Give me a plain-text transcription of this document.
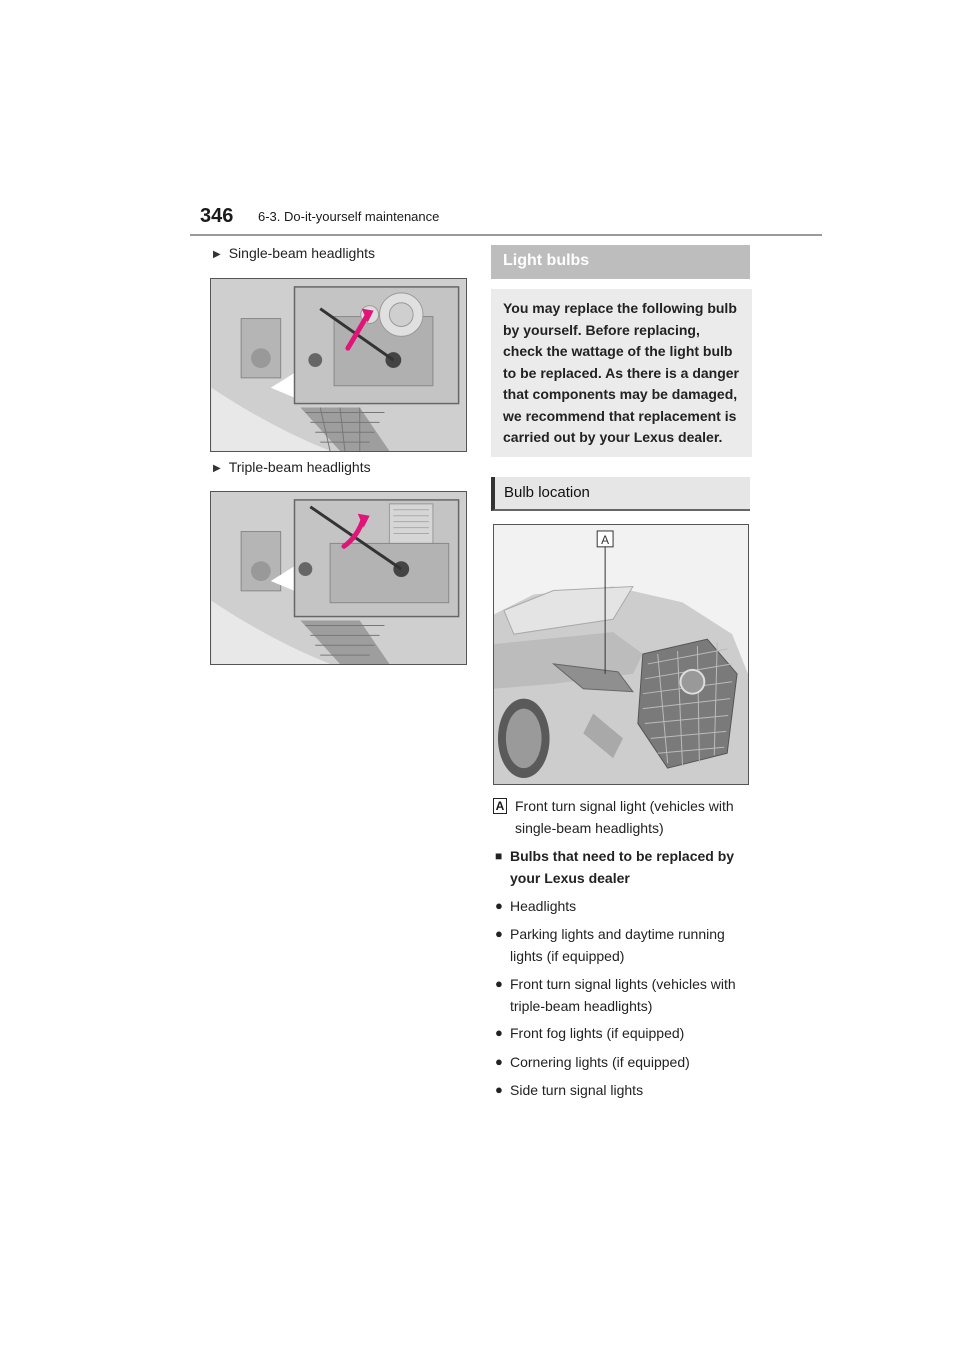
346 6-3. Do-it-yourself maintenance
▶ Single-beam headlights
▶ Triple-beam headlights
Light bulbs

You may replace the following bulb by yourself. Before replacing, check the wattage of the light bulb to be replaced. As there is a danger that components may be damaged, we recommend that replacement is carried out by your Lexus dealer.

Bulb location
A
A Front turn signal light (vehicles with single-beam headlights)
■ Bulbs that need to be replaced by your Lexus dealer
● Headlights
● Parking lights and daytime running lights (if equipped)
● Front turn signal lights (vehicles with triple-beam headlights)
● Front fog lights (if equipped)
● Cornering lights (if equipped)
● Side turn signal lights
